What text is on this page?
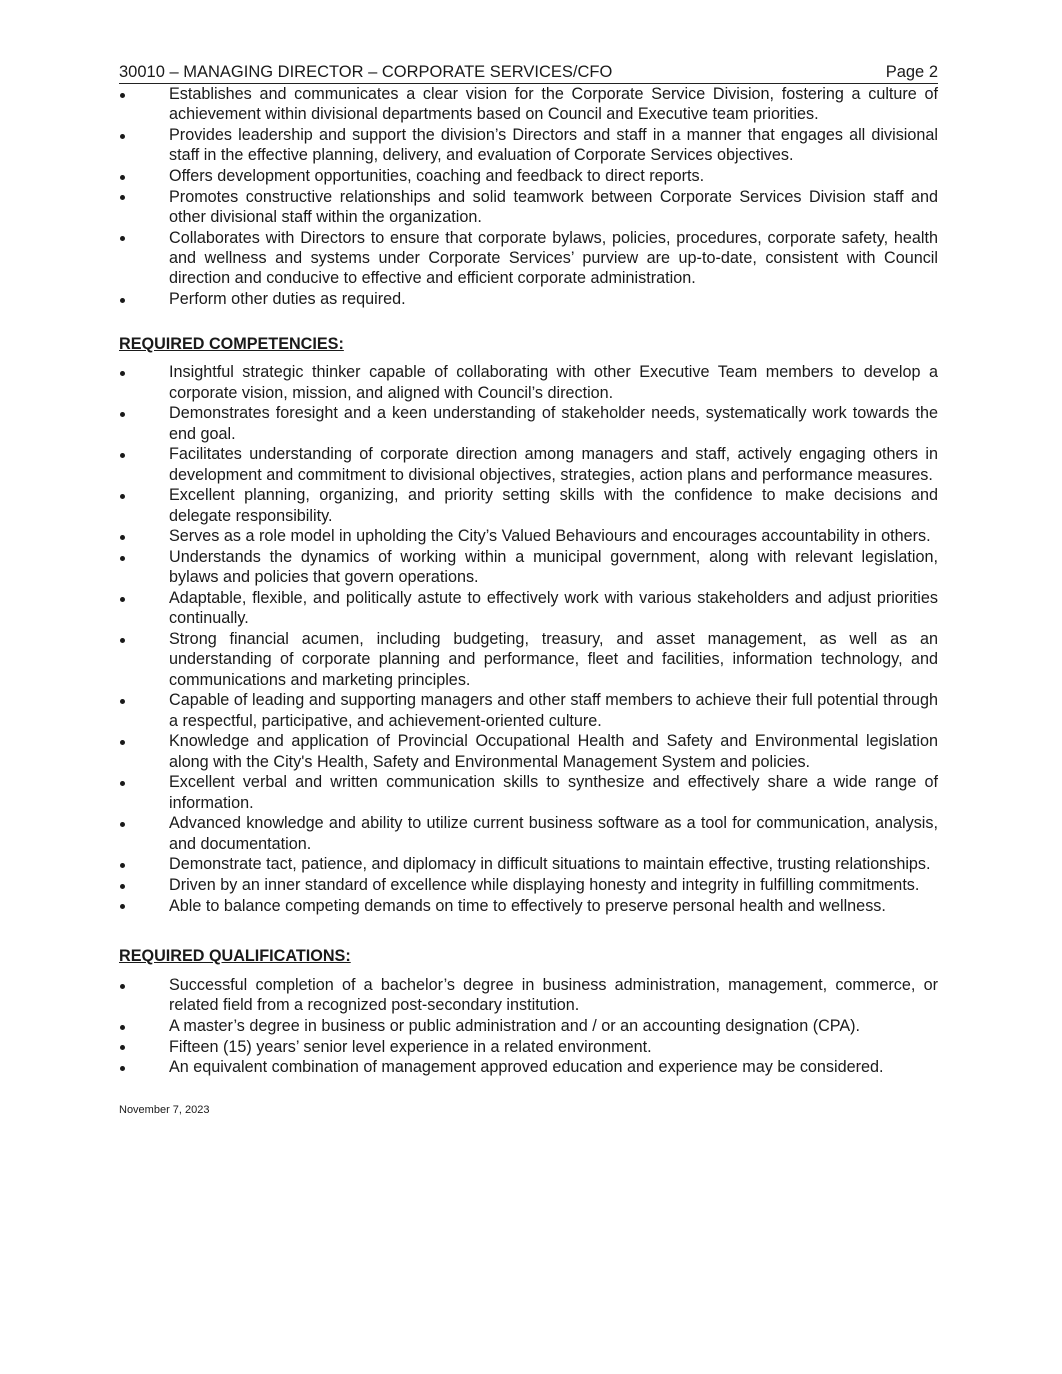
30010 – MANAGING DIRECTOR – CORPORATE SERVICES/CFO	Page 2
Establishes and communicates a clear vision for the Corporate Service Division, fostering a culture of achievement within divisional departments based on Council and Executive team priorities.
Provides leadership and support the division’s Directors and staff in a manner that engages all divisional staff in the effective planning, delivery, and evaluation of Corporate Services objectives.
Offers development opportunities, coaching and feedback to direct reports.
Promotes constructive relationships and solid teamwork between Corporate Services Division staff and other divisional staff within the organization.
Collaborates with Directors to ensure that corporate bylaws, policies, procedures, corporate safety, health and wellness and systems under Corporate Services’ purview are up-to-date, consistent with Council direction and conducive to effective and efficient corporate administration.
Perform other duties as required.
REQUIRED COMPETENCIES:
Insightful strategic thinker capable of collaborating with other Executive Team members to develop a corporate vision, mission, and aligned with Council’s direction.
Demonstrates foresight and a keen understanding of stakeholder needs, systematically work towards the end goal.
Facilitates understanding of corporate direction among managers and staff, actively engaging others in development and commitment to divisional objectives, strategies, action plans and performance measures.
Excellent planning, organizing, and priority setting skills with the confidence to make decisions and delegate responsibility.
Serves as a role model in upholding the City’s Valued Behaviours and encourages accountability in others.
Understands the dynamics of working within a municipal government, along with relevant legislation, bylaws and policies that govern operations.
Adaptable, flexible, and politically astute to effectively work with various stakeholders and adjust priorities continually.
Strong financial acumen, including budgeting, treasury, and asset management, as well as an understanding of corporate planning and performance, fleet and facilities, information technology, and communications and marketing principles.
Capable of leading and supporting managers and other staff members to achieve their full potential through a respectful, participative, and achievement-oriented culture.
Knowledge and application of Provincial Occupational Health and Safety and Environmental legislation along with the City's Health, Safety and Environmental Management System and policies.
Excellent verbal and written communication skills to synthesize and effectively share a wide range of information.
Advanced knowledge and ability to utilize current business software as a tool for communication, analysis, and documentation.
Demonstrate tact, patience, and diplomacy in difficult situations to maintain effective, trusting relationships.
Driven by an inner standard of excellence while displaying honesty and integrity in fulfilling commitments.
Able to balance competing demands on time to effectively to preserve personal health and wellness.
REQUIRED QUALIFICATIONS:
Successful completion of a bachelor’s degree in business administration, management, commerce, or related field from a recognized post-secondary institution.
A master’s degree in business or public administration and / or an accounting designation (CPA).
Fifteen (15) years’ senior level experience in a related environment.
An equivalent combination of management approved education and experience may be considered.
November 7, 2023
